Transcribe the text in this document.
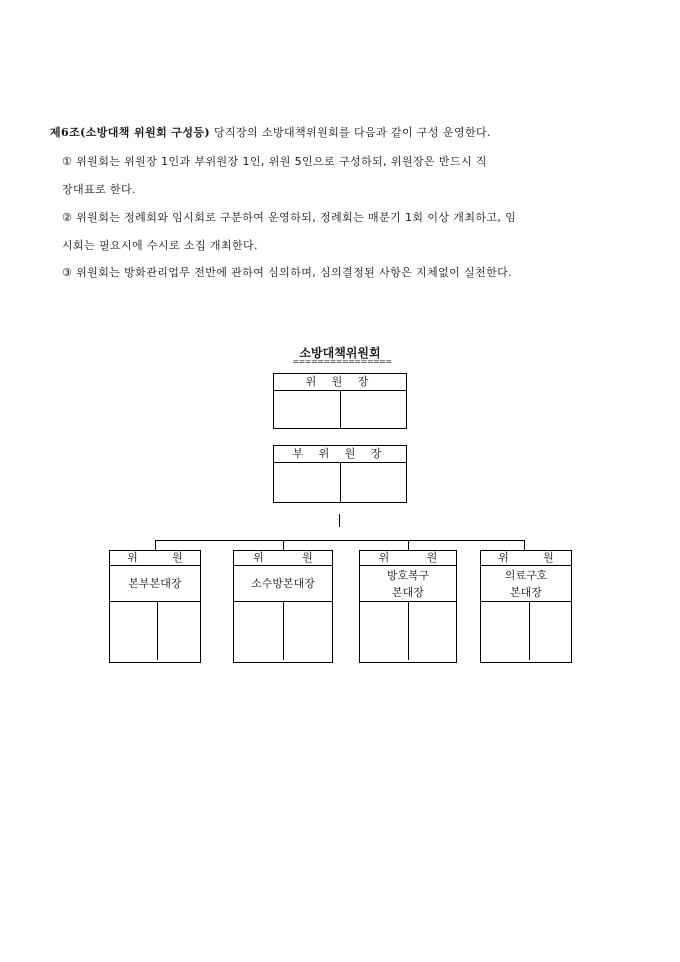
제6조(소방대책 위원회 구성등) 당직장의 소방대책위원회를 다음과 같이 구성 운영한다.
① 위원회는 위원장 1인과 부위원장 1인, 위원 5인으로 구성하되, 위원장은 반드시 직
장대표로 한다.
② 위원회는 정례회와 임시회로 구분하여 운영하되, 정례회는 매분기 1회 이상 개최하고, 임
시회는 필요시에 수시로 소집 개최한다.
③ 위원회는 방화관리업무 전반에 관하여 심의하며, 심의결정된 사항은 지체없이 실천한다.
소방대책위원회
================
위 원 장
부 위 원 장
위	원
본부본대장
위	원
소수방본대장
위	원
방호복구
본대장
위	원
의료구호
본대장
